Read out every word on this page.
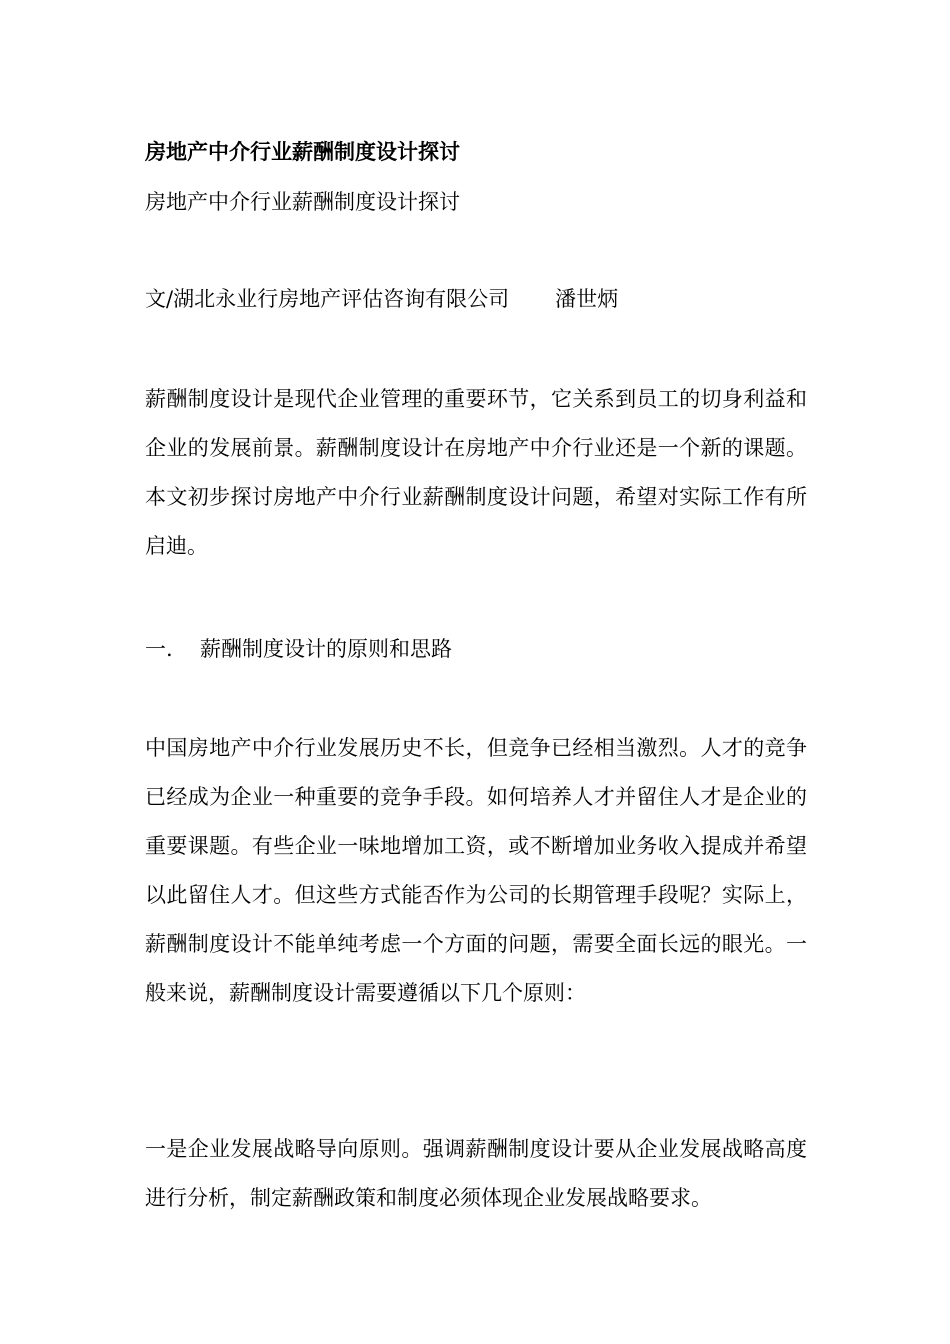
房地产中介行业薪酬制度设计探讨
房地产中介行业薪酬制度设计探讨
文/湖北永业行房地产评估咨询有限公司 潘世炳

薪酬制度设计是现代企业管理的重要环节，它关系到员工的切身利益和企业的发展前景。薪酬制度设计在房地产中介行业还是一个新的课题。本文初步探讨房地产中介行业薪酬制度设计问题，希望对实际工作有所启迪。

一. 薪酬制度设计的原则和思路

中国房地产中介行业发展历史不长，但竞争已经相当激烈。人才的竞争已经成为企业一种重要的竞争手段。如何培养人才并留住人才是企业的重要课题。有些企业一味地增加工资，或不断增加业务收入提成并希望以此留住人才。但这些方式能否作为公司的长期管理手段呢？实际上，薪酬制度设计不能单纯考虑一个方面的问题，需要全面长远的眼光。一般来说，薪酬制度设计需要遵循以下几个原则：

一是企业发展战略导向原则。强调薪酬制度设计要从企业发展战略高度进行分析，制定薪酬政策和制度必须体现企业发展战略要求。
